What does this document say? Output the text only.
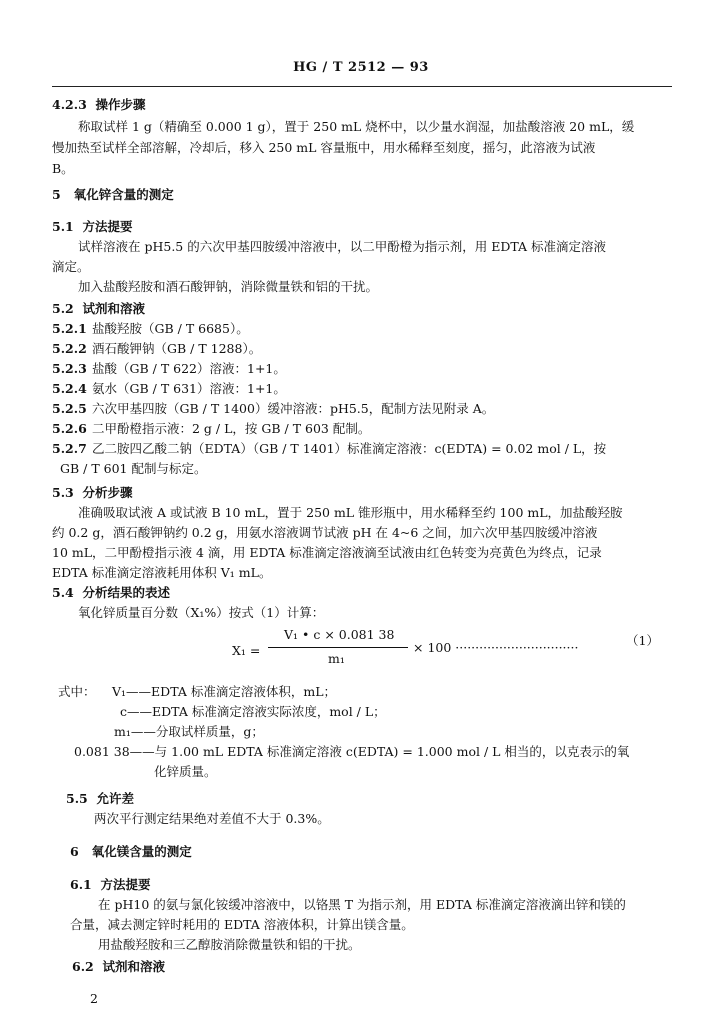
HG / T 2512 — 93
4.2.3 操作步骤
称取试样 1 g（精确至 0.000 1 g），置于 250 mL 烧杯中，以少量水润湿，加盐酸溶液 20 mL，缓
慢加热至试样全部溶解，冷却后，移入 250 mL 容量瓶中，用水稀释至刻度，摇匀，此溶液为试液
B。
5 氧化锌含量的测定
5.1 方法提要
试样溶液在 pH5.5 的六次甲基四胺缓冲溶液中，以二甲酚橙为指示剂，用 EDTA 标准滴定溶液
滴定。
加入盐酸羟胺和酒石酸钾钠，消除微量铁和铝的干扰。
5.2 试剂和溶液
5.2.1 盐酸羟胺（GB / T 6685）。
5.2.2 酒石酸钾钠（GB / T 1288）。
5.2.3 盐酸（GB / T 622）溶液：1+1。
5.2.4 氨水（GB / T 631）溶液：1+1。
5.2.5 六次甲基四胺（GB / T 1400）缓冲溶液：pH5.5，配制方法见附录 A。
5.2.6 二甲酚橙指示液：2 g / L，按 GB / T 603 配制。
5.2.7 乙二胺四乙酸二钠（EDTA）（GB / T 1401）标准滴定溶液：c(EDTA) = 0.02 mol / L，按
GB / T 601 配制与标定。
5.3 分析步骤
准确吸取试液 A 或试液 B 10 mL，置于 250 mL 锥形瓶中，用水稀释至约 100 mL，加盐酸羟胺
约 0.2 g，酒石酸钾钠约 0.2 g，用氨水溶液调节试液 pH 在 4~6 之间，加六次甲基四胺缓冲溶液
10 mL，二甲酚橙指示液 4 滴，用 EDTA 标准滴定溶液滴至试液由红色转变为亮黄色为终点，记录
EDTA 标准滴定溶液耗用体积 V₁ mL。
5.4 分析结果的表述
氧化锌质量百分数（X₁%）按式（1）计算：
X₁ =
V₁ • c × 0.081 38
m₁
× 100 ·······························	（1）
式中： V₁——EDTA 标准滴定溶液体积，mL；
c——EDTA 标准滴定溶液实际浓度，mol / L；
m₁——分取试样质量，g；
0.081 38——与 1.00 mL EDTA 标准滴定溶液 c(EDTA) = 1.000 mol / L 相当的，以克表示的氧
化锌质量。
5.5 允许差
两次平行测定结果绝对差值不大于 0.3%。
6 氧化镁含量的测定
6.1 方法提要
在 pH10 的氨与氯化铵缓冲溶液中，以铬黑 T 为指示剂，用 EDTA 标准滴定溶液滴出锌和镁的
合量，减去测定锌时耗用的 EDTA 溶液体积，计算出镁含量。
用盐酸羟胺和三乙醇胺消除微量铁和铝的干扰。
6.2 试剂和溶液
2
